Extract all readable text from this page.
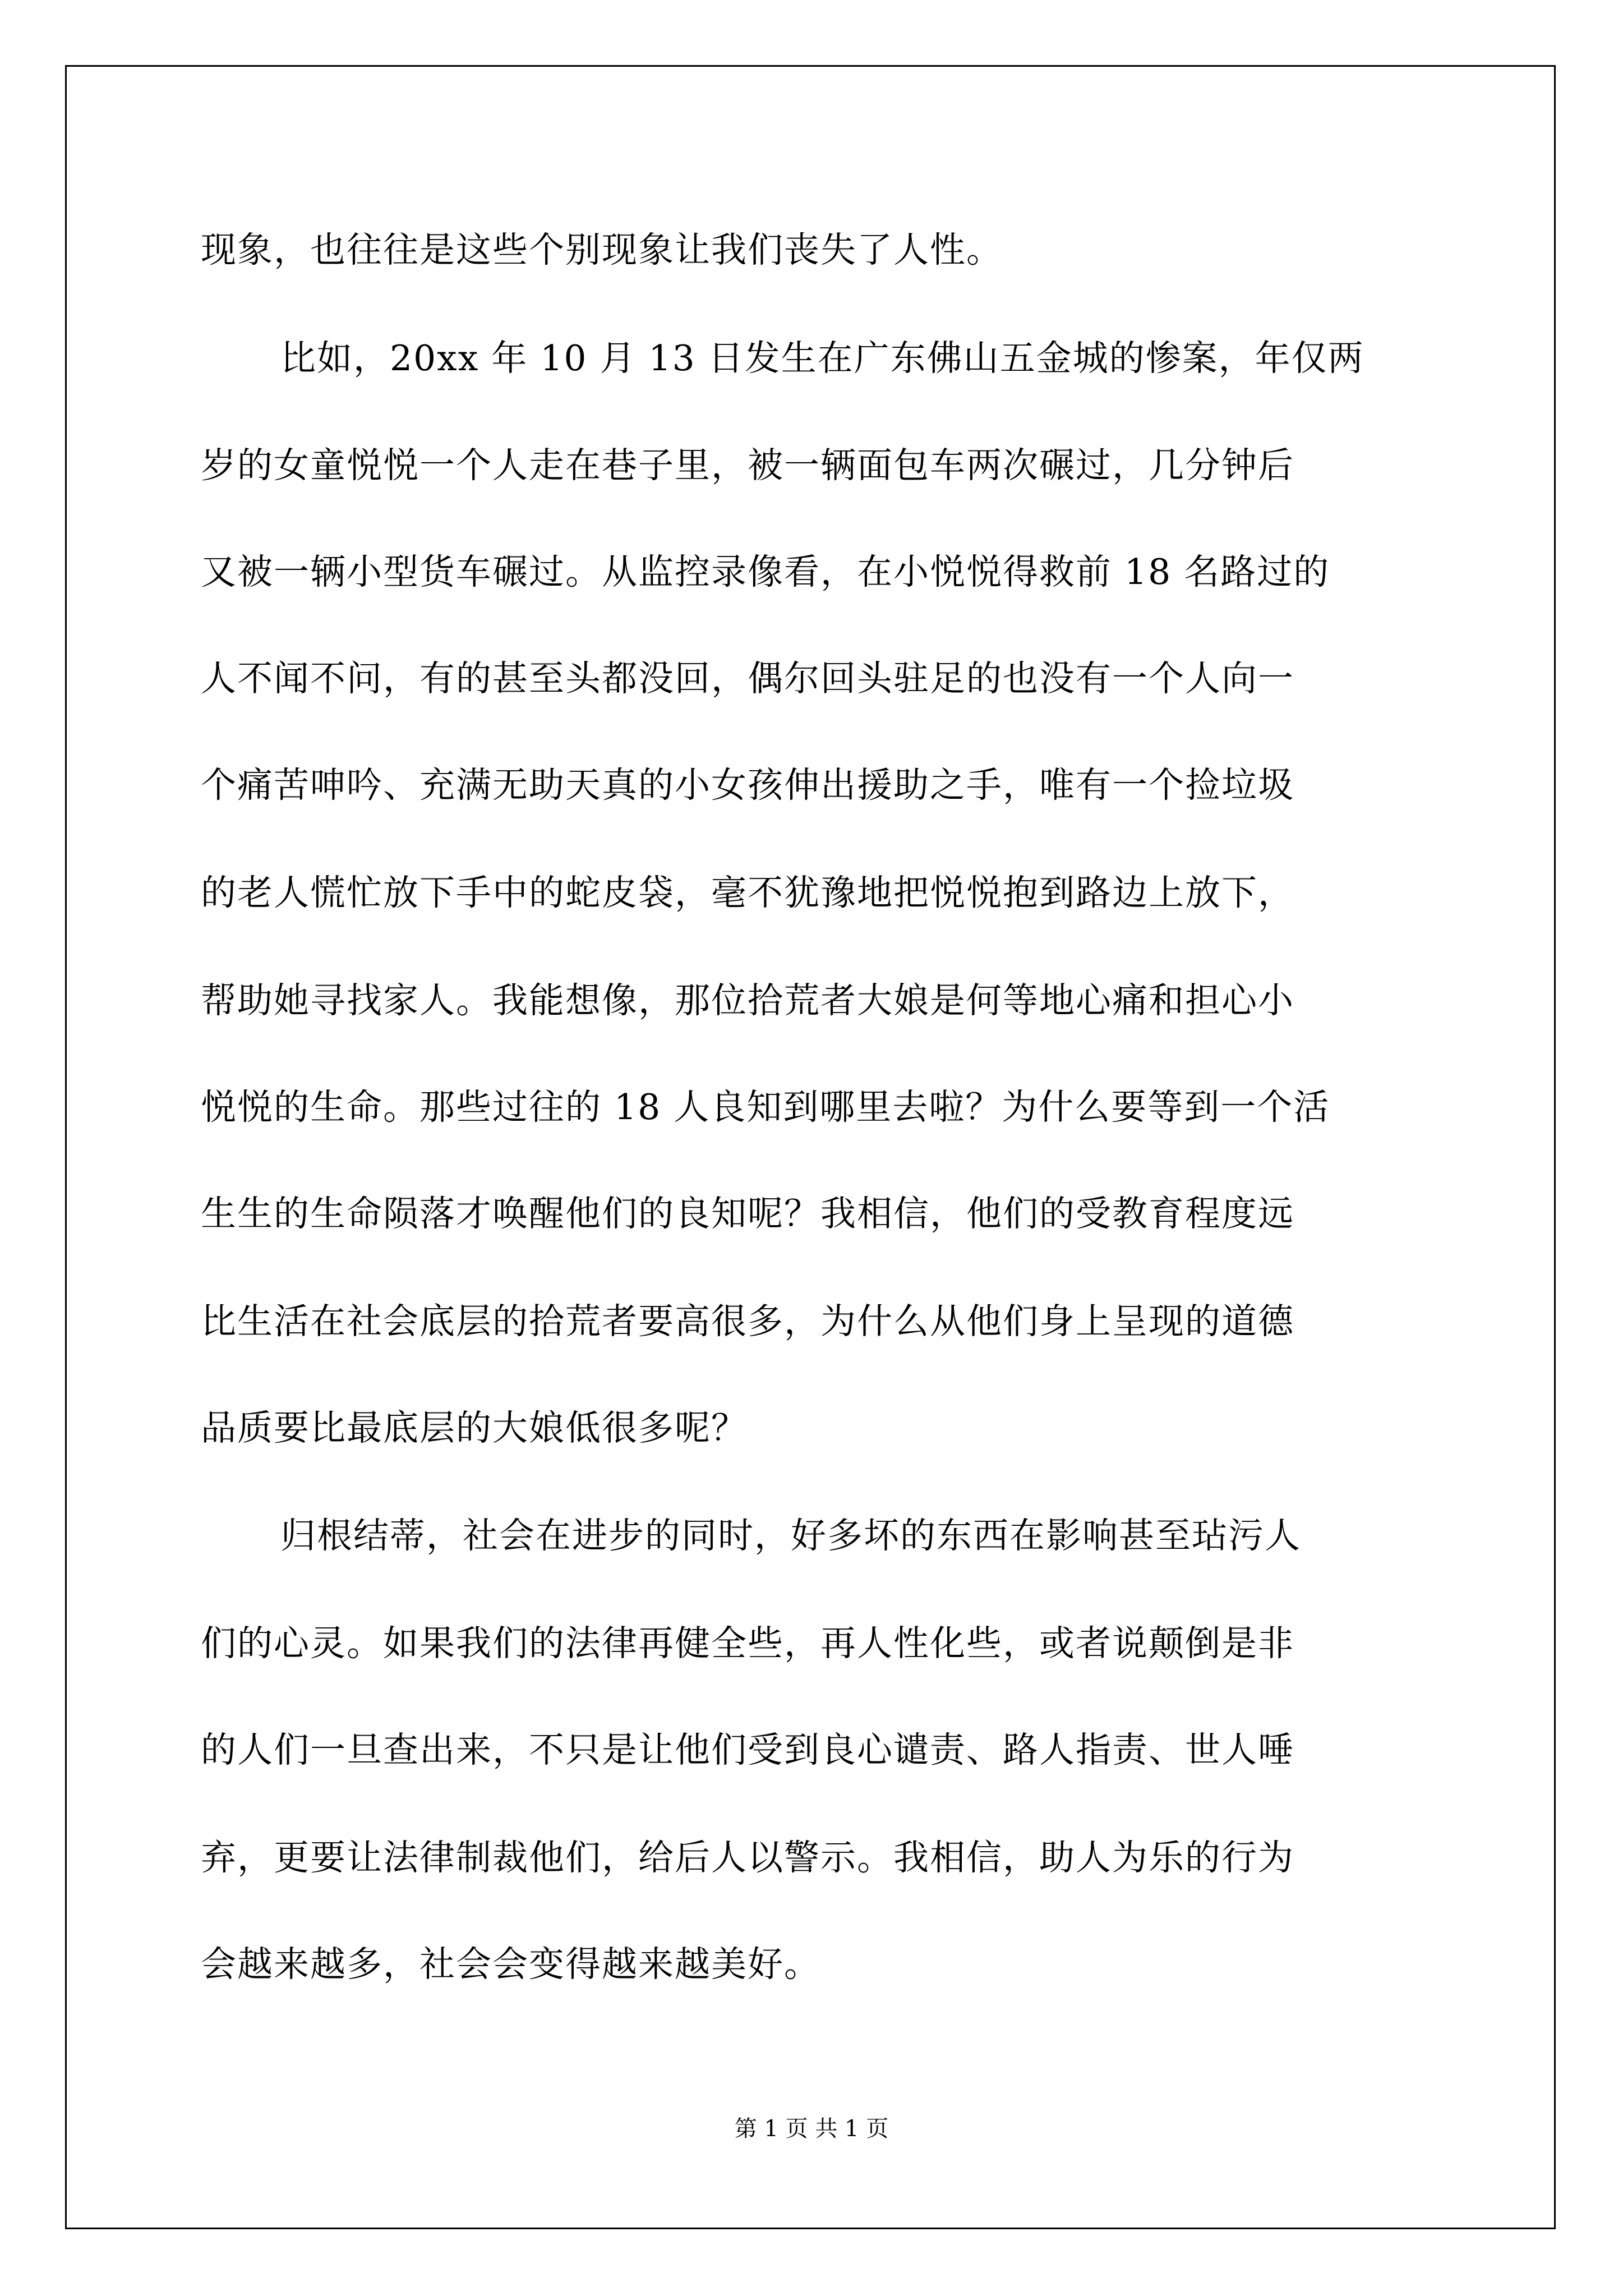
现象，也往往是这些个别现象让我们丧失了人性。
比如，20xx 年 10 月 13 日发生在广东佛山五金城的惨案，年仅两
岁的女童悦悦一个人走在巷子里，被一辆面包车两次碾过，几分钟后
又被一辆小型货车碾过。从监控录像看，在小悦悦得救前 18 名路过的
人不闻不问，有的甚至头都没回，偶尔回头驻足的也没有一个人向一
个痛苦呻吟、充满无助天真的小女孩伸出援助之手，唯有一个捡垃圾
的老人慌忙放下手中的蛇皮袋，毫不犹豫地把悦悦抱到路边上放下，
帮助她寻找家人。我能想像，那位拾荒者大娘是何等地心痛和担心小
悦悦的生命。那些过往的 18 人良知到哪里去啦？为什么要等到一个活
生生的生命陨落才唤醒他们的良知呢？我相信，他们的受教育程度远
比生活在社会底层的拾荒者要高很多，为什么从他们身上呈现的道德
品质要比最底层的大娘低很多呢？
归根结蒂，社会在进步的同时，好多坏的东西在影响甚至玷污人
们的心灵。如果我们的法律再健全些，再人性化些，或者说颠倒是非
的人们一旦查出来，不只是让他们受到良心谴责、路人指责、世人唾
弃，更要让法律制裁他们，给后人以警示。我相信，助人为乐的行为
会越来越多，社会会变得越来越美好。
第 1 页 共 1 页
